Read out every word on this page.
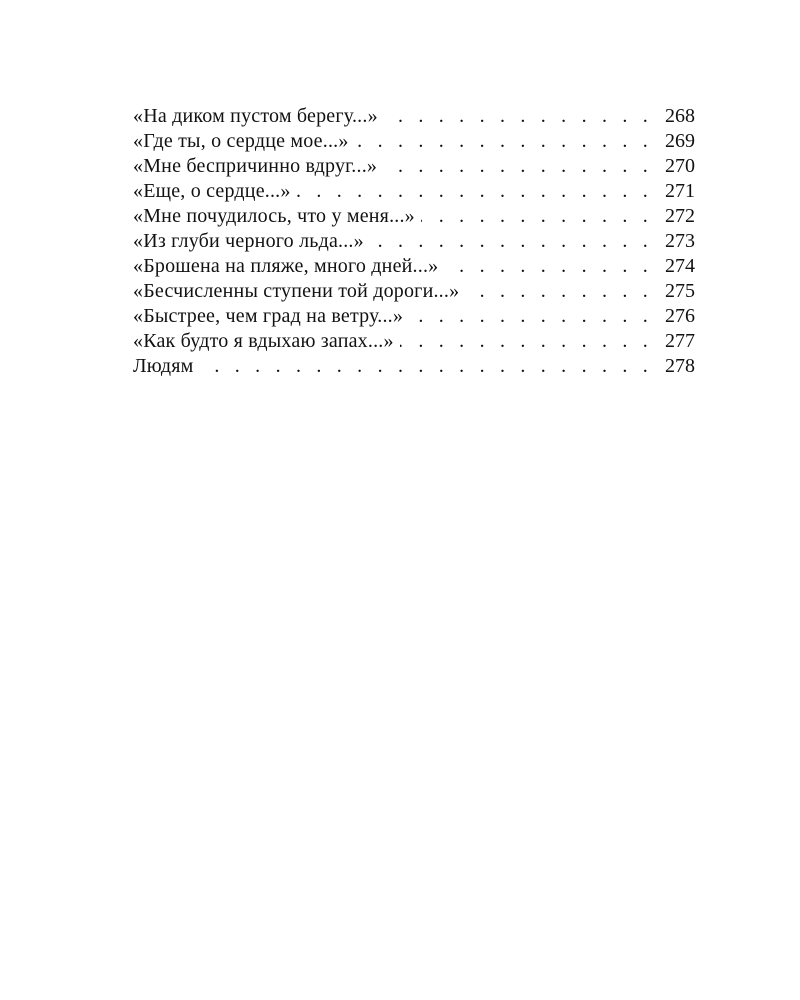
«На диком пустом берегу...» . . .	268
«Где ты, о сердце мое...» . . .	269
«Мне беспричинно вдруг...» . . .	270
«Еще, о сердце...» . . .	271
«Мне почудилось, что у меня...» . . .	272
«Из глуби черного льда...» . . .	273
«Брошена на пляже, много дней...» . . .	274
«Бесчисленны ступени той дороги...» . . .	275
«Быстрее, чем град на ветру...» . . .	276
«Как будто я вдыхаю запах...» . . .	277
Людям . . .	278
